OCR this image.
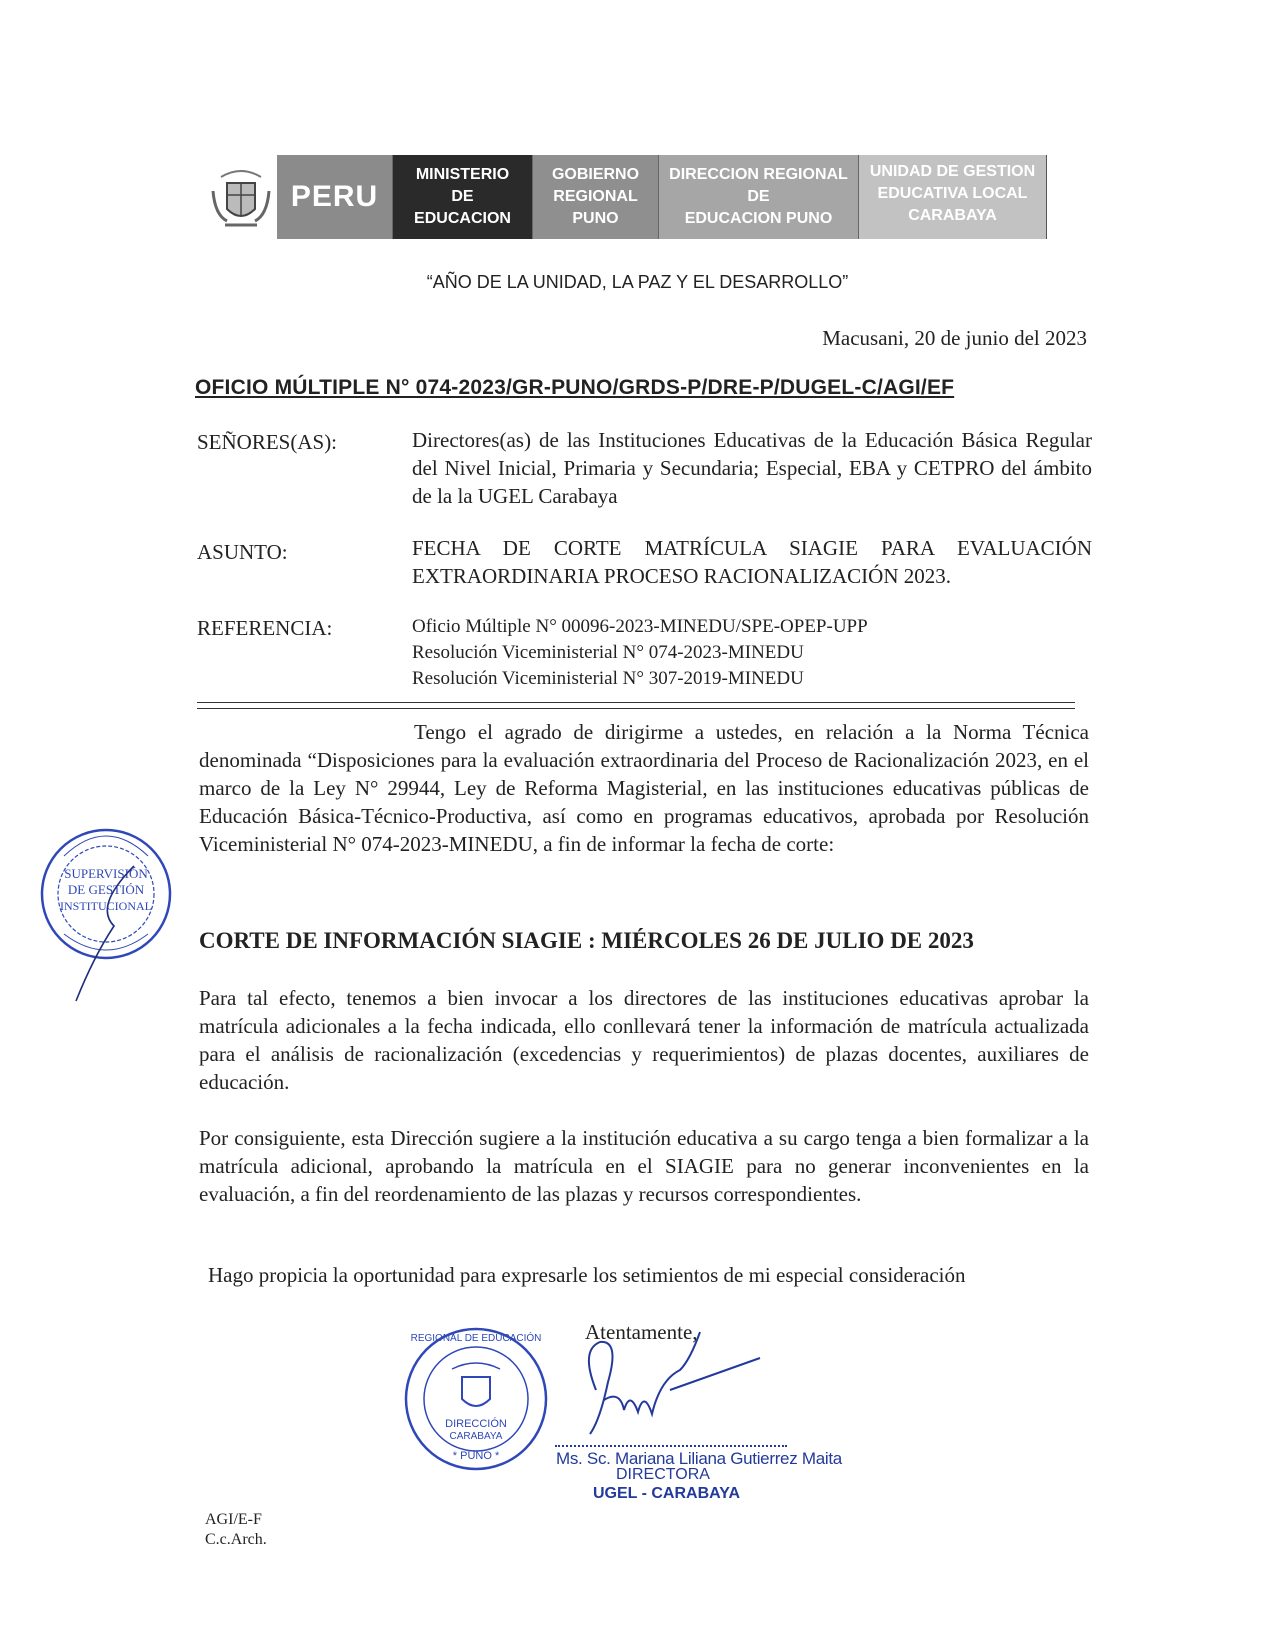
PERU
MINISTERIO
DE
EDUCACION
GOBIERNO
REGIONAL
PUNO
DIRECCION REGIONAL
DE
EDUCACION PUNO
UNIDAD DE GESTION
EDUCATIVA LOCAL
CARABAYA
“AÑO DE LA UNIDAD, LA PAZ Y EL DESARROLLO”
Macusani, 20 de junio del 2023
OFICIO MÚLTIPLE N° 074-2023/GR-PUNO/GRDS-P/DRE-P/DUGEL-C/AGI/EF
SEÑORES(AS):	Directores(as) de las Instituciones Educativas de la Educación Básica Regular del Nivel Inicial, Primaria y Secundaria; Especial, EBA y CETPRO del ámbito de la la UGEL Carabaya
ASUNTO:	FECHA DE CORTE MATRÍCULA SIAGIE PARA EVALUACIÓN EXTRAORDINARIA PROCESO RACIONALIZACIÓN 2023.
REFERENCIA:	Oficio Múltiple N° 00096-2023-MINEDU/SPE-OPEP-UPP
Resolución Viceministerial N° 074-2023-MINEDU
Resolución Viceministerial N° 307-2019-MINEDU
Tengo el agrado de dirigirme a ustedes, en relación a la Norma Técnica denominada “Disposiciones para la evaluación extraordinaria del Proceso de Racionalización 2023, en el marco de la Ley N° 29944, Ley de Reforma Magisterial, en las instituciones educativas públicas de Educación Básica-Técnico-Productiva, así como en programas educativos, aprobada por Resolución Viceministerial N° 074-2023-MINEDU, a fin de informar la fecha de corte:
CORTE DE INFORMACIÓN SIAGIE : MIÉRCOLES 26 DE JULIO DE 2023
Para tal efecto, tenemos a bien invocar a los directores de las instituciones educativas aprobar la matrícula adicionales a la fecha indicada, ello conllevará tener la información de matrícula actualizada para el análisis de racionalización (excedencias y requerimientos) de plazas docentes, auxiliares de educación.
Por consiguiente, esta Dirección sugiere a la institución educativa a su cargo tenga a bien formalizar a la matrícula adicional, aprobando la matrícula en el SIAGIE para no generar inconvenientes en la evaluación, a fin del reordenamiento de las plazas y recursos correspondientes.
Hago propicia la oportunidad para expresarle los setimientos de mi especial consideración
Atentamente,
SUPERVISIÓN
DE GESTIÓN
INSTITUCIONAL
DIRECCIÓN
CARABAYA
* PUNO *
REGIONAL DE EDUCACIÓN
Ms. Sc. Mariana Liliana Gutierrez Maita
DIRECTORA
UGEL - CARABAYA
AGI/E-F
C.c.Arch.
